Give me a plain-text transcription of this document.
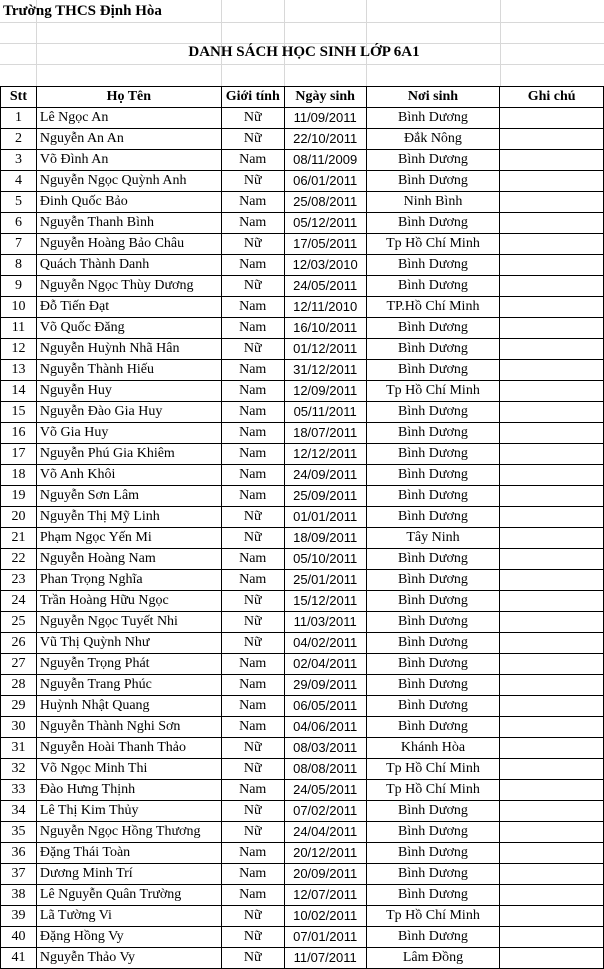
Trường THCS Định Hòa
DANH SÁCH HỌC SINH LỚP 6A1
Stt	Họ Tên	Giới tính	Ngày sinh	Nơi sinh	Ghi chú
1	Lê Ngọc An	Nữ	11/09/2011	Bình Dương	
2	Nguyễn An An	Nữ	22/10/2011	Đắk Nông	
3	Võ Đình An	Nam	08/11/2009	Bình Dương	
4	Nguyễn Ngọc Quỳnh Anh	Nữ	06/01/2011	Bình Dương	
5	Đinh Quốc Bảo	Nam	25/08/2011	Ninh Bình	
6	Nguyễn Thanh Bình	Nam	05/12/2011	Bình Dương	
7	Nguyễn Hoàng Bảo Châu	Nữ	17/05/2011	Tp Hồ Chí Minh	
8	Quách Thành Danh	Nam	12/03/2010	Bình Dương	
9	Nguyễn Ngọc Thùy Dương	Nữ	24/05/2011	Bình Dương	
10	Đỗ Tiến Đạt	Nam	12/11/2010	TP.Hồ Chí Minh	
11	Võ Quốc Đăng	Nam	16/10/2011	Bình Dương	
12	Nguyễn Huỳnh Nhã Hân	Nữ	01/12/2011	Bình Dương	
13	Nguyễn Thành Hiếu	Nam	31/12/2011	Bình Dương	
14	Nguyễn Huy	Nam	12/09/2011	Tp Hồ Chí Minh	
15	Nguyễn Đào Gia Huy	Nam	05/11/2011	Bình Dương	
16	Võ Gia Huy	Nam	18/07/2011	Bình Dương	
17	Nguyễn Phú Gia Khiêm	Nam	12/12/2011	Bình Dương	
18	Võ Anh Khôi	Nam	24/09/2011	Bình Dương	
19	Nguyễn Sơn Lâm	Nam	25/09/2011	Bình Dương	
20	Nguyễn Thị Mỹ Linh	Nữ	01/01/2011	Bình Dương	
21	Phạm Ngọc Yến Mi	Nữ	18/09/2011	Tây Ninh	
22	Nguyễn Hoàng Nam	Nam	05/10/2011	Bình Dương	
23	Phan Trọng Nghĩa	Nam	25/01/2011	Bình Dương	
24	Trần Hoàng Hữu Ngọc	Nữ	15/12/2011	Bình Dương	
25	Nguyễn Ngọc Tuyết Nhi	Nữ	11/03/2011	Bình Dương	
26	Vũ Thị Quỳnh Như	Nữ	04/02/2011	Bình Dương	
27	Nguyễn Trọng Phát	Nam	02/04/2011	Bình Dương	
28	Nguyễn Trang Phúc	Nam	29/09/2011	Bình Dương	
29	Huỳnh Nhật Quang	Nam	06/05/2011	Bình Dương	
30	Nguyễn Thành Nghi Sơn	Nam	04/06/2011	Bình Dương	
31	Nguyễn Hoài Thanh Thảo	Nữ	08/03/2011	Khánh Hòa	
32	Võ Ngọc Minh Thi	Nữ	08/08/2011	Tp Hồ Chí Minh	
33	Đào Hưng Thịnh	Nam	24/05/2011	Tp Hồ Chí Minh	
34	Lê Thị Kim Thủy	Nữ	07/02/2011	Bình Dương	
35	Nguyễn Ngọc Hồng Thương	Nữ	24/04/2011	Bình Dương	
36	Đặng Thái Toàn	Nam	20/12/2011	Bình Dương	
37	Dương Minh Trí	Nam	20/09/2011	Bình Dương	
38	Lê Nguyễn Quân Trường	Nam	12/07/2011	Bình Dương	
39	Lã Tường Vi	Nữ	10/02/2011	Tp Hồ Chí Minh	
40	Đặng Hồng Vy	Nữ	07/01/2011	Bình Dương	
41	Nguyễn Thảo Vy	Nữ	11/07/2011	Lâm Đồng	
